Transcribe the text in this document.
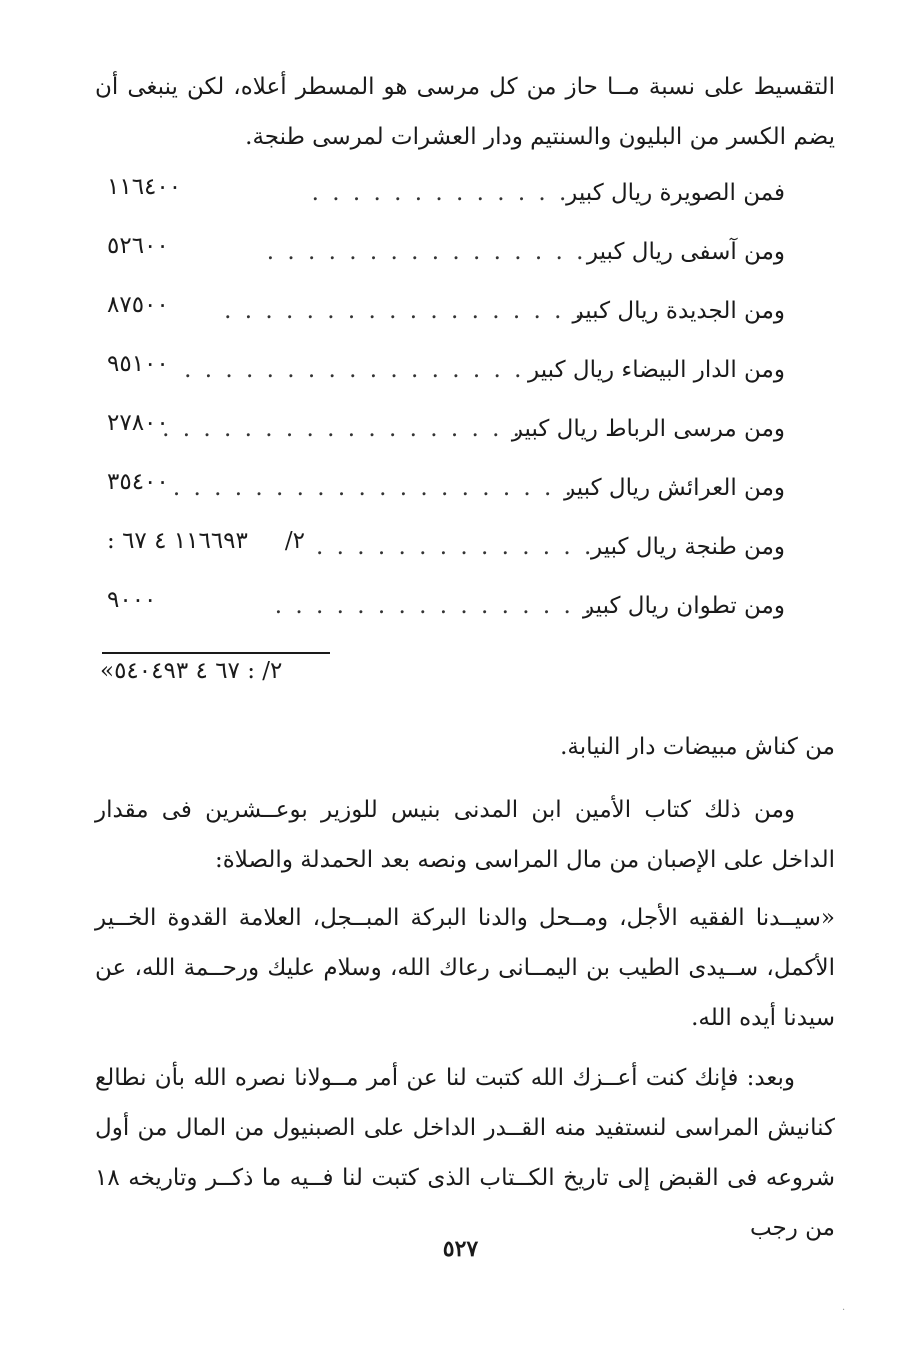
التقسيط على نسبة مــا حاز من كل مرسى هو المسطر أعلاه، لكن ينبغى أن يضم الكسر من البليون والسنتيم ودار العشرات لمرسى طنجة.

فمن الصويرة ريال كبير
. . . . . . . . . . . . . .
١١٦٤٠٠
ومن آسفى ريال كبير
. . . . . . . . . . . . . . . . .
٥٢٦٠٠
ومن الجديدة ريال كبير
. . . . . . . . . . . . . . . . . .
٨٧٥٠٠
ومن الدار البيضاء ريال كبير
. . . . . . . . . . . . . . . . . .
٩٥١٠٠
ومن مرسى الرباط ريال كبير
. . . . . . . . . . . . . . . . . .
٢٧٨٠٠
ومن العرائش ريال كبير
. . . . . . . . . . . . . . . . . . . .
٣٥٤٠٠
ومن طنجة ريال كبير
. . . . . . . . . . . . . . .
٢/
١١٦٦٩٣ ٤ ٦٧ :
ومن تطوان ريال كبير
. . . . . . . . . . . . . . . . .
٩٠٠٠
٢/ : ٦٧ ٤ ٥٤٠٤٩٣»

من كناش مبيضات دار النيابة.

ومن ذلك كتاب الأمين ابن المدنى بنيس للوزير بوعــشرين فى مقدار الداخل على الإصبان من مال المراسى ونصه بعد الحمدلة والصلاة:

«سيــدنا الفقيه الأجل، ومــحل والدنا البركة المبــجل، العلامة القدوة الخــير الأكمل، ســيدى الطيب بن اليمــانى رعاك الله، وسلام عليك ورحــمة الله، عن سيدنا أيده الله.

وبعد: فإنك كنت أعــزك الله كتبت لنا عن أمر مــولانا نصره الله بأن نطالع كنانيش المراسى لنستفيد منه القــدر الداخل على الصبنيول من المال من أول شروعه فى القبض إلى تاريخ الكــتاب الذى كتبت لنا فــيه ما ذكــر وتاريخه ١٨ من رجب

٥٢٧
·
